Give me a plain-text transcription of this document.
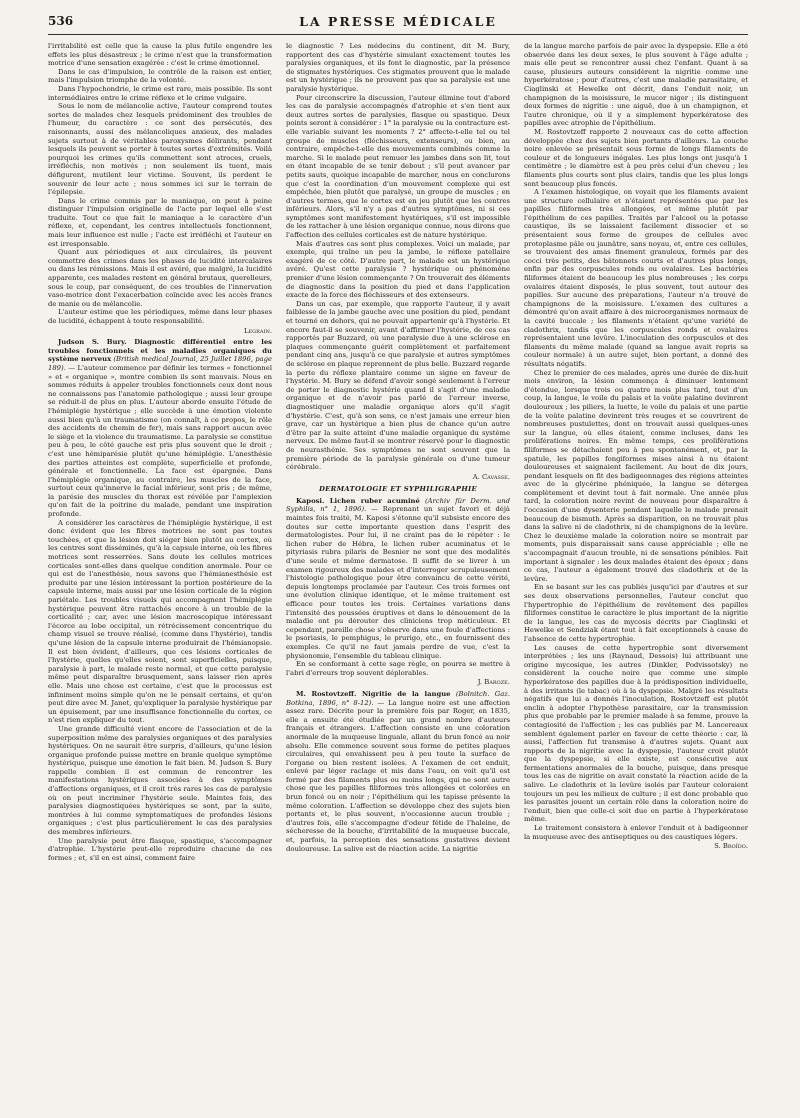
536	LA PRESSE MÉDICALE

l'irritabilité est celle que la cause la plus futile engendre les effets les plus désastreux ; le crime n'est que la transformation motrice d'une sensation exagérée : c'est le crime émotionnel.

Dans le cas d'impulsion, le contrôle de la raison est entier, mais l'impulsion triomphe de la volonté.

Dans l'hypochondrie, le crime est rare, mais possible. Ils sont intermédiaires entre le crime réflexe et le crime vulgaire.

Sous le nom de mélancolie active, l'auteur comprend toutes sortes de malades chez lesquels prédominent des troubles de l'humeur, du caractère : ce sont des persécutés, des raisonnants, aussi des mélancoliques anxieux, des malades sujets surtout à de véritables paroxysmes délirants, pendant lesquels ils peuvent se porter à toutes sortes d'extrémités. Voilà pourquoi les crimes qu'ils commettent sont atroces, cruels, irréfléchis, non motivés ; non seulement ils tuent, mais défigurent, mutilent leur victime. Souvent, ils perdent le souvenir de leur acte ; nous sommes ici sur le terrain de l'épilepsie.

Dans le crime commis par le maniaque, on peut à peine distinguer l'impulsion originelle de l'acte par lequel elle s'est traduite. Tout ce que fait le maniaque a le caractère d'un réflexe, et, cependant, les centres intellectuels fonctionnent, mais leur influence est nulle ; l'acte est irréfléchi et l'auteur en est irresponsable.

Quant aux périodiques et aux circulaires, ils peuvent commettre des crimes dans les phases de lucidité intercalaires ou dans les rémissions. Mais il est avéré, que malgré, la lucidité apparente, ces malades restent en général brutaux, querelleurs, sous le coup, par conséquent, de ces troubles de l'innervation vaso-motrice dont l'exacerbation coïncide avec les accès francs de manie ou de mélancolie.

L'auteur estime que les périodiques, même dans leur phases de lucidité, échappent à toute responsabilité.

Legrain.

Judson S. Bury. Diagnostic différentiel entre les troubles fonctionnels et les maladies organiques du système nerveux (British medical Journal, 25 Juillet 1896, page 189). — L'auteur commence par définir les termes « fonctionnel » et « organique », montre combien ils sont mauvais. Nous en sommes réduits à appeler troubles fonctionnels ceux dont nous ne connaissons pas l'anatomie pathologique ; aussi leur groupe se réduit-il de plus en plus. L'auteur aborde ensuite l'étude de l'hémiplégie hystérique ; elle succède à une émotion violente aussi bien qu'à un traumatisme (on connaît, à ce propos, le rôle des accidents de chemin de fer), mais sans rapport aucun avec le siège et la violence du traumatisme. La paralysie se constitue peu à peu, le côté gauche est pris plus souvent que le droit ; c'est une hémiparésie plutôt qu'une hémiplégie. L'anesthésie des parties atteintes est complète, superficielle et profonde, générale et fonctionnelle. La face est épargnée. Dans l'hémiplégie organique, au contraire, les muscles de la face, surtout ceux qu'innerve le facial inférieur, sont pris ; de même, la parésie des muscles du thorax est révélée par l'amplexion qu'on fait de la poitrine du malade, pendant une inspiration profonde.

A considérer les caractères de l'hémiplégie hystérique, il est donc évident que les fibres motrices ne sont pas toutes touchées, et que la lésion doit siéger bien plutôt au cortex, où les centres sont disséminés, qu'à la capsule interne, où les fibres motrices sont resserrées. Sans doute les cellules motrices corticales sont-elles dans quelque condition anormale. Pour ce qui est de l'anesthésie, nous savons que l'hémianesthésie est produite par une lésion intéressant la portion postérieure de la capsule interne, mais aussi par une lésion corticale de la région pariétale. Les troubles visuels qui accompagnent l'hémiplégie hystérique peuvent être rattachés encore à un trouble de la corticalité ; car, avec une lésion macroscopique intéressant l'écorce au lobe occipital, un rétrécissement concentrique du champ visuel se trouve réalisé, (comme dans l'hystérie), tandis qu'une lésion de la capsule interne produirait de l'hémianopsie. Il est bien évident, d'ailleurs, que ces lésions corticales de l'hystérie, quelles qu'elles soient, sont superficielles, puisque, paralysie à part, le malade reste normal, et que cette paralysie même peut disparaître brusquement, sans laisser rien après elle. Mais une chose est certaine, c'est que le processus est infiniment moins simple qu'on ne le pensait certains, et qu'on peut dire avec M. Janet, qu'expliquer la paralysie hystérique par un épuisement, par une insuffisance fonctionnelle du cortex, ce n'est rien expliquer du tout.

Une grande difficulté vient encore de l'association et de la superposition même des paralysies organiques et des paralysies hystériques. On ne saurait être surpris, d'ailleurs, qu'une lésion organique profonde puisse mettre en branle quelque symptôme hystérique, puisque une émotion le fait bien. M. Judson S. Bury rappelle combien il est commun de rencontrer les manifestations hystériques associées à des symptômes d'affections organiques, et il croit très rares les cas de paralysie où on peut incriminer l'hystérie seule. Maintes fois, des paralysies diagnostiquées hystériques se sont, par la suite, montrées à lui comme symptomatiques de profondes lésions organiques ; c'est plus particulièrement le cas des paralysies des membres inférieurs.

Une paralysie peut être flasque, spastique, s'accompagner d'atrophie. L'hystérie peut-elle reproduire chacune de ces formes ; et, s'il en est ainsi, comment faire

le diagnostic ? Les médecins du continent, dit M. Bury, rapportent des cas d'hystérie simulant exactement toutes les paralysies organiques, et ils font le diagnostic, par la présence de stigmates hystériques. Ces stigmates prouvent que le malade est un hystérique ; ils ne prouvent pas que sa paralysie est une paralysie hystérique.

Pour circonscrire la discussion, l'auteur élimine tout d'abord les cas de paralysie accompagnés d'atrophie et s'en tient aux deux autres sortes de paralysies, flasque ou spastique. Deux points seront à considérer : 1° la paralysie ou la contracture est-elle variable suivant les moments ? 2° affecte-t-elle tel ou tel groupe de muscles (fléchisseurs, extenseurs), ou bien, au contraire, empêche-t-elle des mouvements combinés comme la marche. Si le malade peut remuer les jambes dans son lit, tout en étant incapable de se tenir debout ; s'il peut avancer par petits sauts, quoique incapable de marcher, nous en conclurons que c'est la coordination d'un mouvement complexe qui est empêchée, bien plutôt que paralysé, un groupe de muscles ; en d'autres termes, que le cortex est en jeu plutôt que les centres inférieurs. Alors, s'il n'y a pas d'autres symptômes, ni si ces symptômes sont manifestement hystériques, s'il est impossible de les rattacher à une lésion organique connue, nous dirons que l'affection des cellules corticales est de nature hystérique.

Mais d'autres cas sont plus complexes. Voici un malade, par exemple, qui traîne un peu la jambe, le réflexe patellaire exagéré de ce côté. D'autre part, le malade est un hystérique avéré. Qu'est cette paralysie ? hystérique ou phénomène premier d'une lésion commençante ? On trouverait des éléments de diagnostic dans la position du pied et dans l'application exacte de la force des fléchisseurs et des extenseurs.

Dans un cas, par exemple, que rapporte l'auteur, il y avait faiblesse de la jambe gauche avec une position du pied, pendant et tourné en dehors, qui ne pouvait appartenir qu'à l'hystérie. Et encore faut-il se souvenir, avant d'affirmer l'hystérie, de ces cas rapportés par Buzzard, où une paralysie due à une sclérose en plaques commençante guérit complètement et parfaitement pendant cinq ans, jusqu'à ce que paralysie et autres symptômes de sclérose en plaque reprennent de plus belle. Buzzard regarde la perte du réflexe plantaire comme un signe en faveur de l'hystérie. M. Bury se défend d'avoir songé seulement à l'erreur de porter le diagnostic hystérie quand il s'agit d'une maladie organique et de n'avoir pas parlé de l'erreur inverse, diagnostiquer une maladie organique alors qu'il s'agit d'hystérie. C'est, qu'à son sens, ce n'est jamais une erreur bien grave, car un hystérique a bien plus de chance qu'un autre d'être par la suite atteint d'une maladie organique du système nerveux. De même faut-il se montrer réservé pour le diagnostic de neurasthénie. Ses symptômes ne sont souvent que la première période de la paralysie générale ou d'une tumeur cérébrale.

A. Cavasse.
DERMATOLOGIE ET SYPHILIGRAPHIE

Kaposi. Lichen ruber acuminé (Archiv für Derm. und Syphilis, n° 1, 1896). — Reprenant un sujet favori et déjà maintes fois traité, M. Kaposi s'étonne qu'il subsiste encore des doutes sur cette importante question dans l'esprit des dermatologistes. Pour lui, il ne craint pas de le répéter : le lichen ruber de Hébra, le lichen ruber acuminatus et le pityriasis rubra pilaris de Besnier ne sont que des modalités d'une seule et même dermatose. Il suffit de se livrer à un examen rigoureux des malades et d'interroger scrupuleusement l'histologie pathologique pour être convaincu de cette vérité, depuis longtemps proclamée par l'auteur. Ces trois formes ont une évolution clinique identique, et le même traitement est efficace pour toutes les trois. Certaines variations dans l'intensité des poussées éruptives et dans le dénouement de la maladie ont pu dérouter des cliniciens trop méticuleux. Et cependant, pareille chose s'observe dans une foule d'affections : le psoriasis, le pemphigus, le prurigo, etc., en fournissent des exemples. Ce qu'il ne faut jamais perdre de vue, c'est la physionomie, l'ensemble du tableau clinique.

En se conformant à cette sage règle, on pourra se mettre à l'abri d'erreurs trop souvent déplorables.

J. Baroze.

M. Rostovtzeff. Nigritie de la langue (Bolnitch. Gaz. Botkina, 1896, n° 8-12). — La langue noire est une affection assez rare. Décrite pour la première fois par Roger, en 1835, elle a ensuite été étudiée par un grand nombre d'auteurs français et étrangers. L'affection consiste en une coloration anormale de la muqueuse linguale, allant du brun foncé au noir absolu. Elle commence souvent sous forme de petites plaques circulaires, qui envahissent peu à peu toute la surface de l'organe ou bien restent isolées. A l'examen de cet enduit, enlevé par léger raclage et mis dans l'eau, on voit qu'il est formé par des filaments plus ou moins longs, qui ne sont autre chose que les papilles filiformes très allongées et colorées en brun foncé ou en noir ; l'épithélium qui les tapisse présente la même coloration. L'affection se développe chez des sujets bien portants et, le plus souvent, n'occasionne aucun trouble ; d'autres fois, elle s'accompagne d'odeur fétide de l'haleine, de sécheresse de la bouche, d'irritabilité de la muqueuse buccale, et, parfois, la perception des sensations gustatives devient douloureuse. La salive est de réaction acide. La nigritie

de la langue marche parfois de pair avec la dyspepsie. Elle a été observée dans les deux sexes, le plus souvent à l'âge adulte ; mais elle peut se rencontrer aussi chez l'enfant. Quant à sa cause, plusieurs auteurs considèrent la nigritie comme une hyperkératose ; pour d'autres, c'est une maladie parasitaire, et Ciaglinski et Hewelke ont décrit, dans l'enduit noir, un champignon de la moisissure, le mucor niger ; ils distinguent deux formes de nigritie : une aiguë, due à un champignon, et l'autre chronique, où il y a simplement hyperkératose des papilles avec atrophie de l'épithélium.

M. Rostovtzeff rapporte 2 nouveaux cas de cette affection développée chez des sujets bien portants d'ailleurs. La couche noire enlevée se présentait sous forme de longs filaments de couleur et de longueurs inégales. Les plus longs ont jusqu'à 1 centimètre ; le diamètre est à peu près celui d'un cheveu ; les filaments plus courts sont plus clairs, tandis que les plus longs sont beaucoup plus foncés.

A l'examen histologique, on voyait que les filaments avaient une structure cellulaire et n'étaient représentés que par les papilles filiformes très allongées, et même plutôt par l'épithélium de ces papilles. Traités par l'alcool ou la potasse caustique, ils se laissaient facilement dissocier et se présentaient sous forme de groupes de cellules avec protoplasme pâle ou jaunâtre, sans noyau, et, entre ces cellules, se trouvaient des amas finement granuleux, formés par des cocci très petits, des bâtonnets courts et d'autres plus longs, enfin par des corpuscules ronds ou ovalaires. Les bactéries filiformes étaient de beaucoup les plus nombreuses ; les corps ovalaires étaient disposés, le plus souvent, tout autour des papilles. Sur aucune des préparations, l'auteur n'a trouvé de champignons de la moisissure. L'examen des cultures a démontré qu'on avait affaire à des microorganismes normaux de la cavité buccale ; les filaments n'étaient qu'une variété de cladothrix, tandis que les corpuscules ronds et ovalaires représentaient une levûre. L'inoculation des corpuscules et des filaments du même malade (quand sa langue avait repris sa couleur normale) à un autre sujet, bien portant, a donné des résultats négatifs.

Chez le premier de ces malades, après une durée de dix-huit mois environ, la lésion commença à diminuer lentement d'étendue, lorsque trois ou quatre mois plus tard, tout d'un coup, la langue, le voile du palais et la voûte palatine devinrent douloureux ; les piliers, la luette, le voile du palais et une partie de la voûte palatine devinrent très rouges et se couvrirent de nombreuses pustulettes, dont on trouvait aussi quelques-unes sur la langue, où elles étaient, comme incluses, dans les proliférations noires. En même temps, ces proliférations filiformes se détachaient peu à peu spontanément, et, par la spatule, les papilles fongiformes mises ainsi à nu étaient douloureuses et saignaient facilement. Au bout de dix jours, pendant lesquels on fit des badigeonnages des régions atteintes avec de la glycérine phéniquée, la langue se détergea complètement et devint tout à fait normale. Une année plus tard, la coloration noire revint de nouveau pour disparaître à l'occasion d'une dysenterie pendant laquelle le malade prenait beaucoup de bismuth. Après sa disparition, on ne trouvait plus dans la salive ni de cladothrix, ni de champignons de la levûre. Chez le deuxième malade la coloration noire se montrait par moments, puis disparaissait sans cause appréciable ; elle ne s'accompagnait d'aucun trouble, ni de sensations pénibles. Fait important à signaler : les deux malades étaient des époux ; dans ce cas, l'auteur a également trouvé des cladothrix et de la levûre.

En se basant sur les cas publiés jusqu'ici par d'autres et sur ses deux observations personnelles, l'auteur conclut que l'hypertrophie de l'épithélium de revêtement des papilles filiformes constitue le caractère le plus important de la nigritie de la langue, les cas de mycosis décrits par Ciaglinski et Hewelke et Sendziak étant tout à fait exceptionnels à cause de l'absence de cette hypertrophie.

Les causes de cette hypertrophie sont diversement interprétées ; les uns (Raynaud, Dessois) lui attribuant une origine mycosique, les autres (Dinkler, Podvissotsky) ne considèrent la couche noire que comme une simple hyperkératose des papilles due à la prédisposition individuelle, à des irritants (le tabac) où à la dyspepsie. Malgré les résultats négatifs que lui a donnés l'inoculation, Rostovtzeff est plutôt enclin à adopter l'hypothèse parasitaire, car la transmission plus que probable par le premier malade à sa femme, prouve la contagiosité de l'affection ; les cas publiés par M. Lancereaux semblent également parler en faveur de cette théorie : car, là aussi, l'affection fut transmise à d'autres sujets. Quant aux rapports de la nigritie avec la dyspepsie, l'auteur croit plutôt que la dyspepsie, si elle existe, est consécutive aux fermentations anormales de la bouche, puisque, dans presque tous les cas de nigritie on avait constaté la réaction acide de la salive. Le cladothrix et la levûre isolés par l'auteur coloraient toujours un peu les milieux de culture ; il est donc probable que les parasites jouent un certain rôle dans la coloration noire de l'enduit, bien que celle-ci soit due en partie à l'hyperkératose même.

Le traitement consistera à enlever l'enduit et à badigeonner la muqueuse avec des antiseptiques ou des caustiques légers.

S. Broïdo.
